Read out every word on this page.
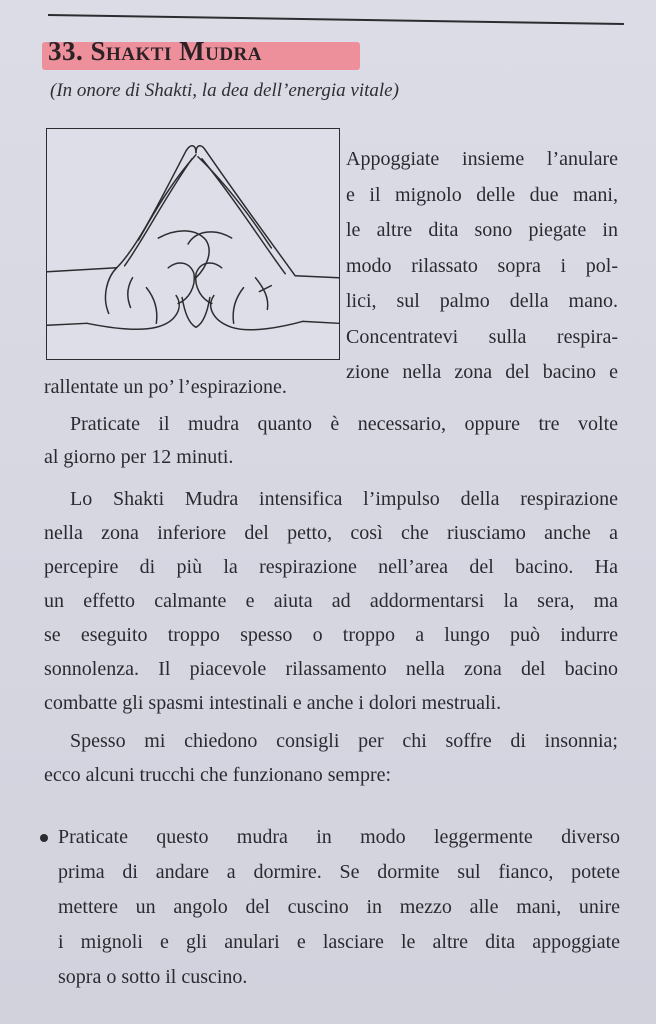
33. Shakti Mudra

(In onore di Shakti, la dea dell’energia vitale)

Appoggiate insieme l’anulare
e il mignolo delle due mani,
le altre dita sono piegate in
modo rilassato sopra i pol-
lici, sul palmo della mano.
Concentratevi sulla respira-
zione nella zona del bacino e
rallentate un po’ l’espirazione.
Praticate il mudra quanto è necessario, oppure tre volte
al giorno per 12 minuti.
Lo Shakti Mudra intensifica l’impulso della respirazione
nella zona inferiore del petto, così che riusciamo anche a
percepire di più la respirazione nell’area del bacino. Ha
un effetto calmante e aiuta ad addormentarsi la sera, ma
se eseguito troppo spesso o troppo a lungo può indurre
sonnolenza. Il piacevole rilassamento nella zona del bacino
combatte gli spasmi intestinali e anche i dolori mestruali.
Spesso mi chiedono consigli per chi soffre di insonnia;
ecco alcuni trucchi che funzionano sempre:
Praticate questo mudra in modo leggermente diverso
prima di andare a dormire. Se dormite sul fianco, potete
mettere un angolo del cuscino in mezzo alle mani, unire
i mignoli e gli anulari e lasciare le altre dita appoggiate
sopra o sotto il cuscino.
